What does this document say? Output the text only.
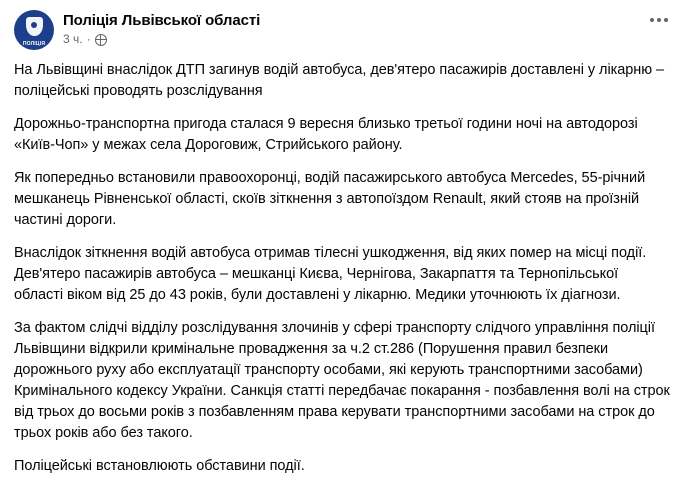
ПОЛІЦІЯ
Поліція Львівської області
3 ч. ·

На Львівщині внаслідок ДТП загинув водій автобуса, дев'ятеро пасажирів доставлені у лікарню – поліцейські проводять розслідування

Дорожньо-транспортна пригода сталася 9 вересня близько третьої години ночі на автодорозі «Київ-Чоп» у межах села Дороговиж, Стрийського району.

Як попередньо встановили правоохоронці, водій пасажирського автобуса Mercedes, 55-річний мешканець Рівненської області, скоїв зіткнення з автопоїздом Renault, який стояв на проїзній частині дороги.

Внаслідок зіткнення водій автобуса отримав тілесні ушкодження, від яких помер на місці події. Дев'ятеро пасажирів автобуса – мешканці Києва, Чернігова, Закарпаття та Тернопільської області віком від 25 до 43 років, були доставлені у лікарню. Медики уточнюють їх діагнози.

За фактом слідчі відділу розслідування злочинів у сфері транспорту слідчого управління поліції Львівщини відкрили кримінальне провадження за ч.2 ст.286 (Порушення правил безпеки дорожнього руху або експлуатації транспорту особами, які керують транспортними засобами) Кримінального кодексу України. Санкція статті передбачає покарання - позбавлення волі на строк від трьох до восьми років з позбавленням права керувати транспортними засобами на строк до трьох років або без такого.

Поліцейські встановлюють обставини події.
